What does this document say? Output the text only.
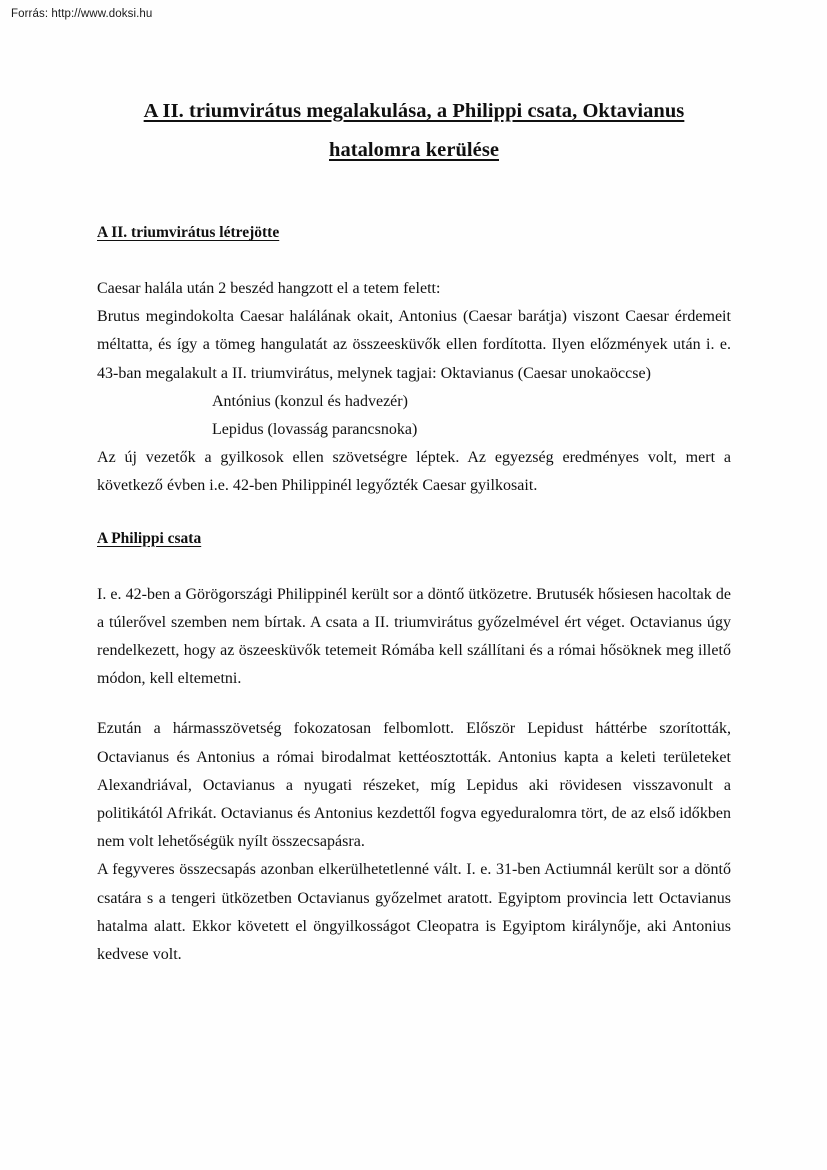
Forrás: http://www.doksi.hu
A II. triumvirátus megalakulása, a Philippi csata, Oktavianus
hatalomra kerülése
A II. triumvirátus létrejötte

Caesar halála után 2 beszéd hangzott el a tetem felett:

Brutus megindokolta Caesar halálának okait, Antonius (Caesar barátja) viszont Caesar érdemeit méltatta, és így a tömeg hangulatát az összeesküvők ellen fordította. Ilyen előzmények után i. e. 43-ban megalakult a II. triumvirátus, melynek tagjai: Oktavianus (Caesar unokaöccse)

Antónius (konzul és hadvezér)

Lepidus (lovasság parancsnoka)

Az új vezetők a gyilkosok ellen szövetségre léptek. Az egyezség eredményes volt, mert a következő évben i.e. 42-ben Philippinél legyőzték Caesar gyilkosait.

A Philippi csata

I. e. 42-ben a Görögországi Philippinél került sor a döntő ütközetre. Brutusék hősiesen hacoltak de a túlerővel szemben nem bírtak. A csata a II. triumvirátus győzelmével ért véget. Octavianus úgy rendelkezett, hogy az öszeesküvők tetemeit Rómába kell szállítani és a római hősöknek meg illető módon, kell eltemetni.

Ezután a hármasszövetség fokozatosan felbomlott. Először Lepidust háttérbe szorították, Octavianus és Antonius a római birodalmat kettéosztották. Antonius kapta a keleti területeket Alexandriával, Octavianus a nyugati részeket, míg Lepidus aki rövidesen visszavonult a politikától Afrikát. Octavianus és Antonius kezdettől fogva egyeduralomra tört, de az első időkben nem volt lehetőségük nyílt összecsapásra.

A fegyveres összecsapás azonban elkerülhetetlenné vált. I. e. 31-ben Actiumnál került sor a döntő csatára s a tengeri ütközetben Octavianus győzelmet aratott. Egyiptom provincia lett Octavianus hatalma alatt. Ekkor követett el öngyilkosságot Cleopatra is Egyiptom királynője, aki Antonius kedvese volt.
